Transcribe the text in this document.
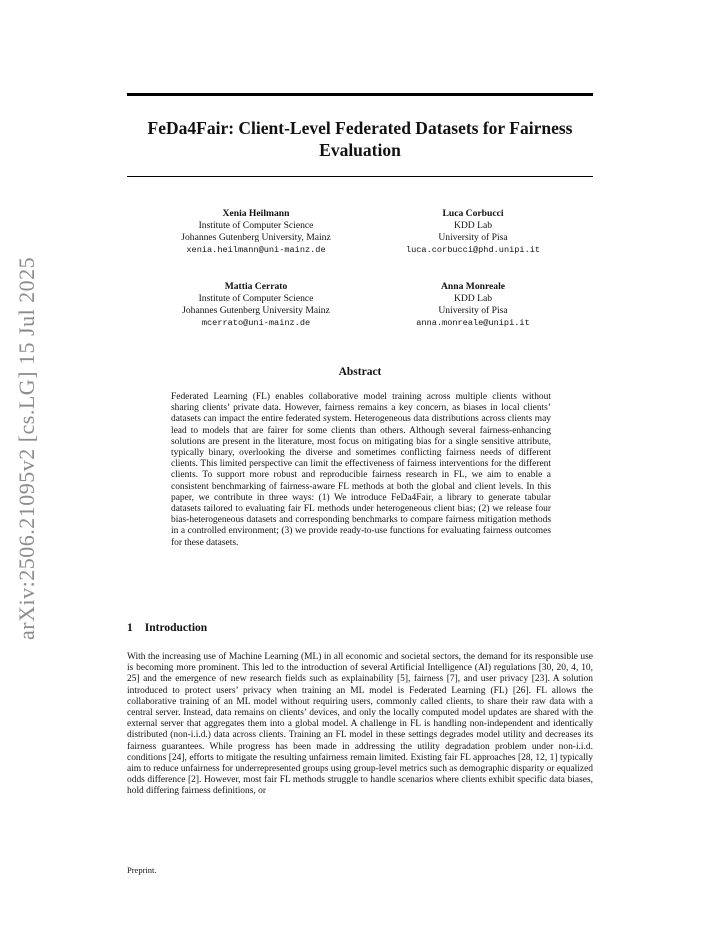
FeDa4Fair: Client-Level Federated Datasets for Fairness Evaluation
Xenia Heilmann
Institute of Computer Science
Johannes Gutenberg University, Mainz
xenia.heilmann@uni-mainz.de
Luca Corbucci
KDD Lab
University of Pisa
luca.corbucci@phd.unipi.it
Mattia Cerrato
Institute of Computer Science
Johannes Gutenberg University Mainz
mcerrato@uni-mainz.de
Anna Monreale
KDD Lab
University of Pisa
anna.monreale@unipi.it
Abstract

Federated Learning (FL) enables collaborative model training across multiple clients without sharing clients’ private data. However, fairness remains a key concern, as biases in local clients’ datasets can impact the entire federated system. Heterogeneous data distributions across clients may lead to models that are fairer for some clients than others. Although several fairness-enhancing solutions are present in the literature, most focus on mitigating bias for a single sensitive attribute, typically binary, overlooking the diverse and sometimes conflicting fairness needs of different clients. This limited perspective can limit the effectiveness of fairness interventions for the different clients. To support more robust and reproducible fairness research in FL, we aim to enable a consistent benchmarking of fairness-aware FL methods at both the global and client levels. In this paper, we contribute in three ways: (1) We introduce FeDa4Fair, a library to generate tabular datasets tailored to evaluating fair FL methods under heterogeneous client bias; (2) we release four bias-heterogeneous datasets and corresponding benchmarks to compare fairness mitigation methods in a controlled environment; (3) we provide ready-to-use functions for evaluating fairness outcomes for these datasets.

1 Introduction

With the increasing use of Machine Learning (ML) in all economic and societal sectors, the demand for its responsible use is becoming more prominent. This led to the introduction of several Artificial Intelligence (AI) regulations [30, 20, 4, 10, 25] and the emergence of new research fields such as explainability [5], fairness [7], and user privacy [23]. A solution introduced to protect users’ privacy when training an ML model is Federated Learning (FL) [26]. FL allows the collaborative training of an ML model without requiring users, commonly called clients, to share their raw data with a central server. Instead, data remains on clients’ devices, and only the locally computed model updates are shared with the external server that aggregates them into a global model. A challenge in FL is handling non-independent and identically distributed (non-i.i.d.) data across clients. Training an FL model in these settings degrades model utility and decreases its fairness guarantees. While progress has been made in addressing the utility degradation problem under non-i.i.d. conditions [24], efforts to mitigate the resulting unfairness remain limited. Existing fair FL approaches [28, 12, 1] typically aim to reduce unfairness for underrepresented groups using group-level metrics such as demographic disparity or equalized odds difference [2]. However, most fair FL methods struggle to handle scenarios where clients exhibit specific data biases, hold differing fairness definitions, or

Preprint.
arXiv:2506.21095v2 [cs.LG] 15 Jul 2025
